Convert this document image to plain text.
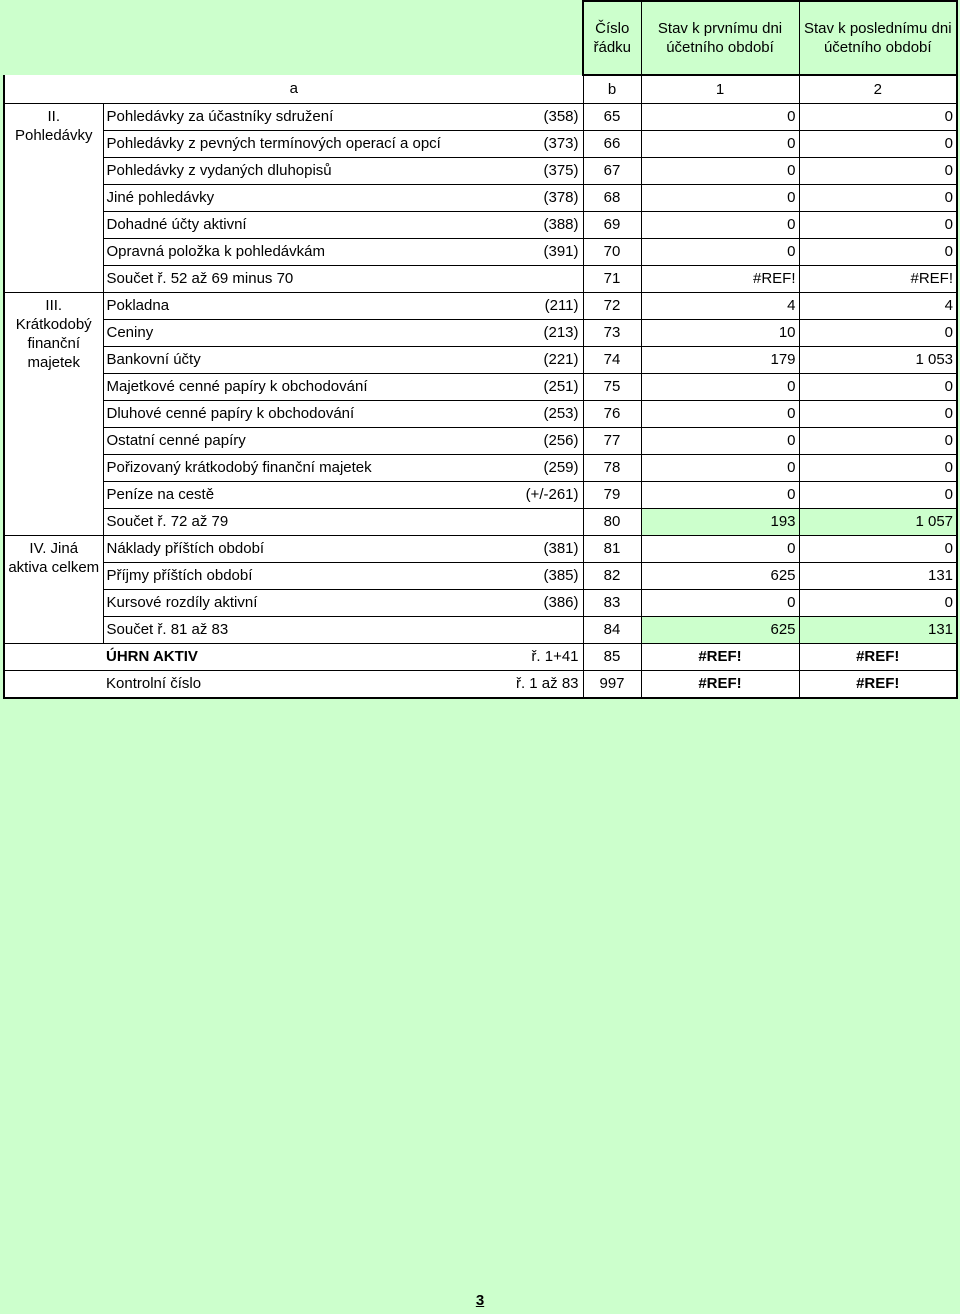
			Číslo řádku	Stav k prvnímu dni účetního období	Stav k poslednímu dni účetního období
a			b	1	2
II. Pohledávky	Pohledávky za účastníky sdružení	(358)	65	0	0
	Pohledávky z pevných termínových operací a opcí	(373)	66	0	0
	Pohledávky z vydaných dluhopisů	(375)	67	0	0
	Jiné pohledávky	(378)	68	0	0
	Dohadné účty aktivní	(388)	69	0	0
	Opravná položka k pohledávkám	(391)	70	0	0
	Součet ř. 52 až 69 minus 70		71	#REF!	#REF!
III. Krátkodobý finanční majetek	Pokladna	(211)	72	4	4
	Ceniny	(213)	73	10	0
	Bankovní účty	(221)	74	179	1 053
	Majetkové cenné papíry k obchodování	(251)	75	0	0
	Dluhové cenné papíry k obchodování	(253)	76	0	0
	Ostatní cenné papíry	(256)	77	0	0
	Pořizovaný krátkodobý finanční majetek	(259)	78	0	0
	Peníze na cestě	(+/-261)	79	0	0
	Součet ř. 72 až 79		80	193	1 057
IV. Jiná aktiva celkem	Náklady příštích období	(381)	81	0	0
	Příjmy příštích období	(385)	82	625	131
	Kursové rozdíly aktivní	(386)	83	0	0
	Součet ř. 81 až 83		84	625	131
	ÚHRN AKTIV	ř. 1+41	85	#REF!	#REF!
	Kontrolní číslo	ř. 1 až 83	997	#REF!	#REF!
3
